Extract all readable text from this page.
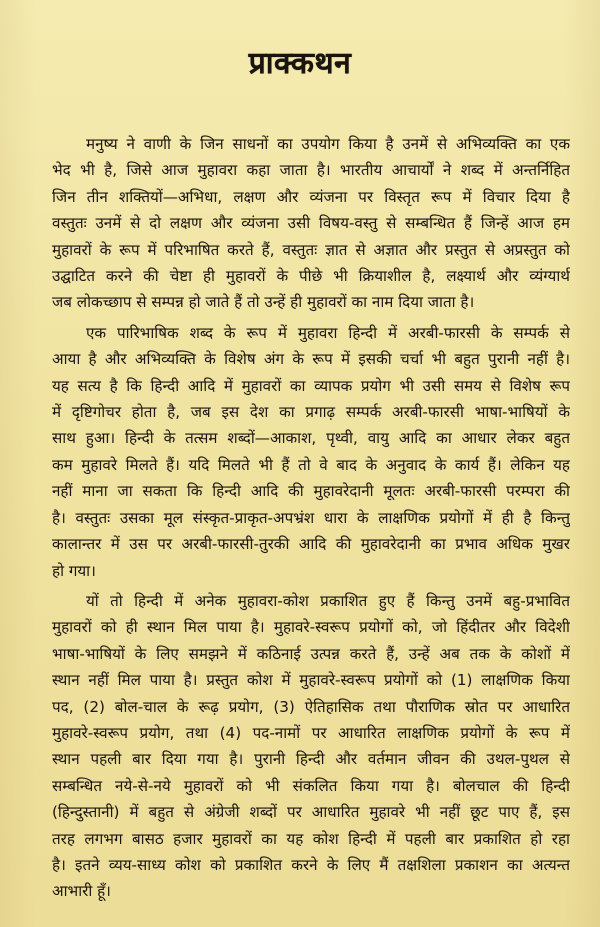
प्राक्कथन
मनुष्य ने वाणी के जिन साधनों का उपयोग किया है उनमें से अभिव्यक्ति का एक
भेद भी है, जिसे आज मुहावरा कहा जाता है। भारतीय आचार्यों ने शब्द में अन्तर्निहित
जिन तीन शक्तियों—अभिधा, लक्षण और व्यंजना पर विस्तृत रूप में विचार दिया है
वस्तुतः उनमें से दो लक्षण और व्यंजना उसी विषय-वस्तु से सम्बन्धित हैं जिन्हें आज हम
मुहावरों के रूप में परिभाषित करते हैं, वस्तुतः ज्ञात से अज्ञात और प्रस्तुत से अप्रस्तुत को
उद्घाटित करने की चेष्टा ही मुहावरों के पीछे भी क्रियाशील है, लक्ष्यार्थ और व्यंग्यार्थ
जब लोकच्छाप से सम्पन्न हो जाते हैं तो उन्हें ही मुहावरों का नाम दिया जाता है।
एक पारिभाषिक शब्द के रूप में मुहावरा हिन्दी में अरबी-फारसी के सम्पर्क से
आया है और अभिव्यक्ति के विशेष अंग के रूप में इसकी चर्चा भी बहुत पुरानी नहीं है।
यह सत्य है कि हिन्दी आदि में मुहावरों का व्यापक प्रयोग भी उसी समय से विशेष रूप
में दृष्टिगोचर होता है, जब इस देश का प्रगाढ़ सम्पर्क अरबी-फारसी भाषा-भाषियों के
साथ हुआ। हिन्दी के तत्सम शब्दों—आकाश, पृथ्वी, वायु आदि का आधार लेकर बहुत
कम मुहावरे मिलते हैं। यदि मिलते भी हैं तो वे बाद के अनुवाद के कार्य हैं। लेकिन यह
नहीं माना जा सकता कि हिन्दी आदि की मुहावरेदानी मूलतः अरबी-फारसी परम्परा की
है। वस्तुतः उसका मूल संस्कृत-प्राकृत-अपभ्रंश धारा के लाक्षणिक प्रयोगों में ही है किन्तु
कालान्तर में उस पर अरबी-फारसी-तुरकी आदि की मुहावरेदानी का प्रभाव अधिक मुखर
हो गया।
यों तो हिन्दी में अनेक मुहावरा-कोश प्रकाशित हुए हैं किन्तु उनमें बहु-प्रभावित
मुहावरों को ही स्थान मिल पाया है। मुहावरे-स्वरूप प्रयोगों को, जो हिंदीतर और विदेशी
भाषा-भाषियों के लिए समझने में कठिनाई उत्पन्न करते हैं, उन्हें अब तक के कोशों में
स्थान नहीं मिल पाया है। प्रस्तुत कोश में मुहावरे-स्वरूप प्रयोगों को (1) लाक्षणिक किया
पद, (2) बोल-चाल के रूढ़ प्रयोग, (3) ऐतिहासिक तथा पौराणिक स्रोत पर आधारित
मुहावरे-स्वरूप प्रयोग, तथा (4) पद-नामों पर आधारित लाक्षणिक प्रयोगों के रूप में
स्थान पहली बार दिया गया है। पुरानी हिन्दी और वर्तमान जीवन की उथल-पुथल से
सम्बन्धित नये-से-नये मुहावरों को भी संकलित किया गया है। बोलचाल की हिन्दी
(हिन्दुस्तानी) में बहुत से अंग्रेजी शब्दों पर आधारित मुहावरे भी नहीं छूट पाए हैं, इस
तरह लगभग बासठ हजार मुहावरों का यह कोश हिन्दी में पहली बार प्रकाशित हो रहा
है। इतने व्यय-साध्य कोश को प्रकाशित करने के लिए मैं तक्षशिला प्रकाशन का अत्यन्त
आभारी हूँ।
